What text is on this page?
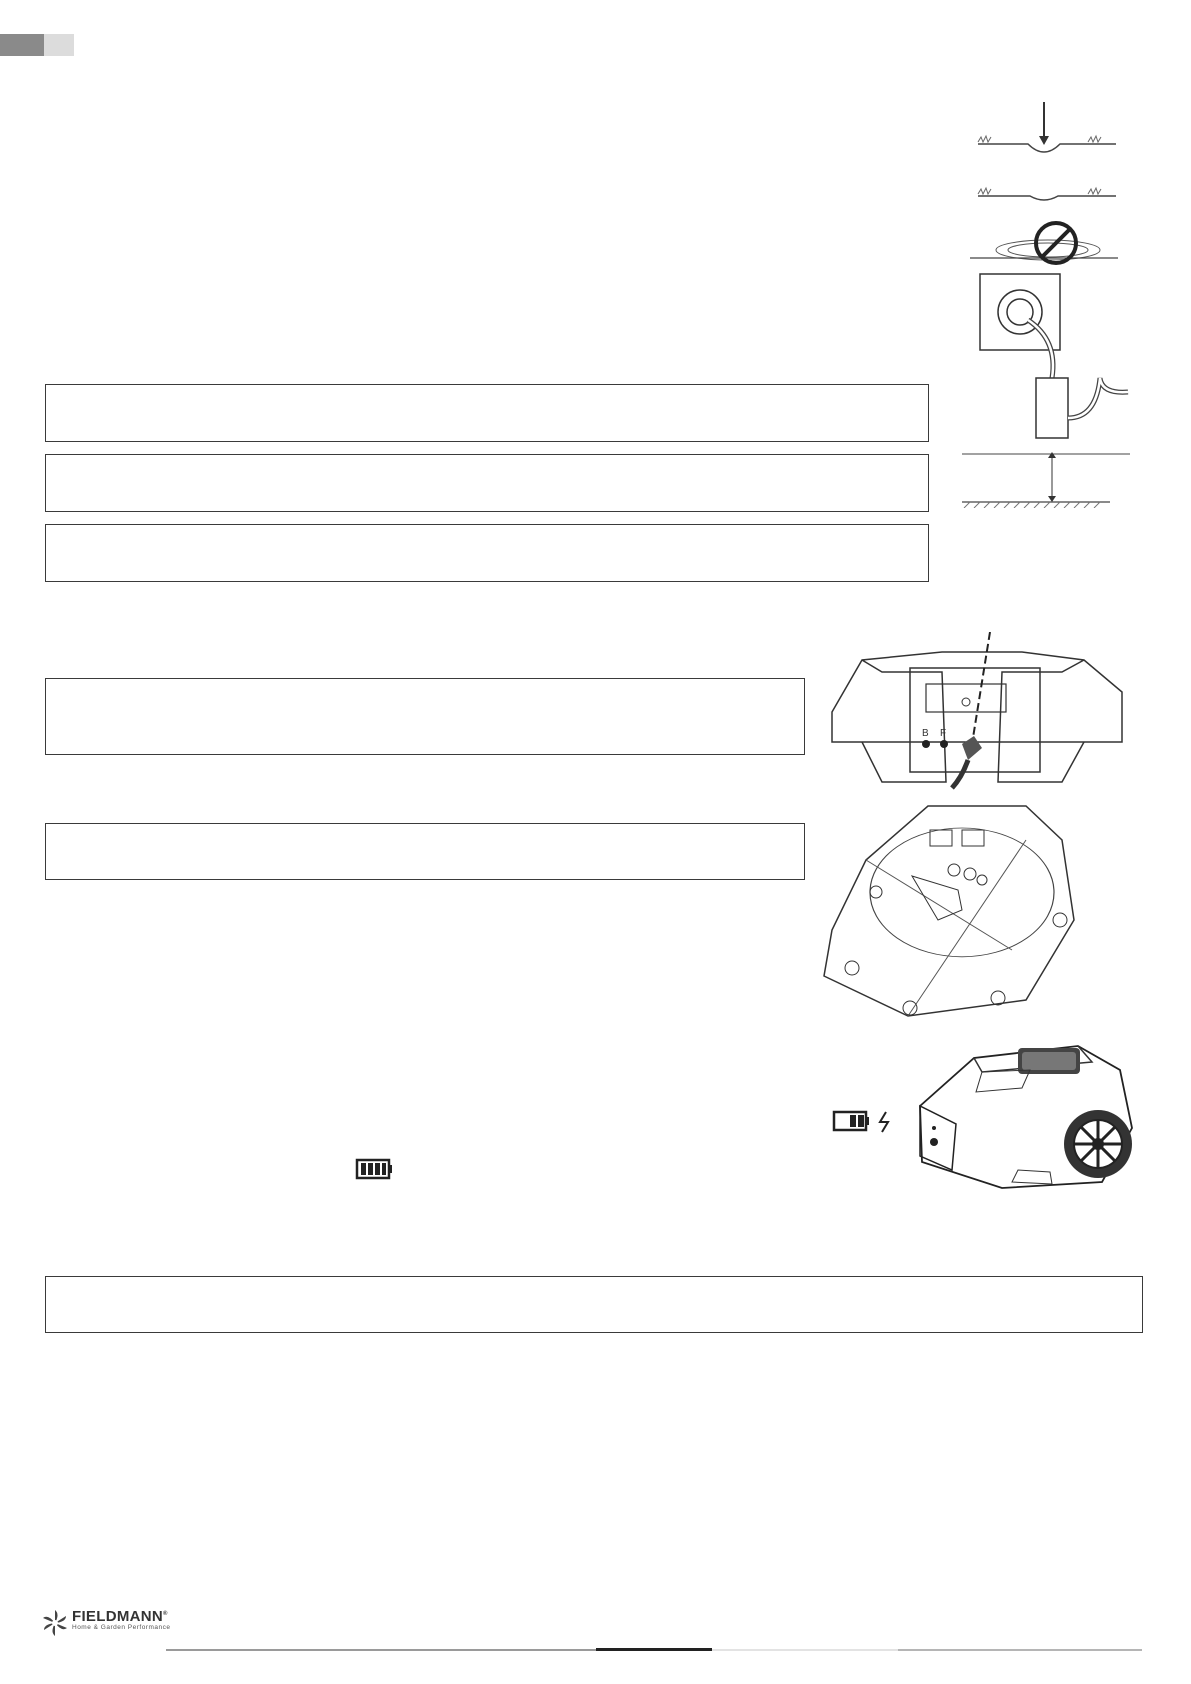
B F
FIELDMANN®
Home & Garden Performance
